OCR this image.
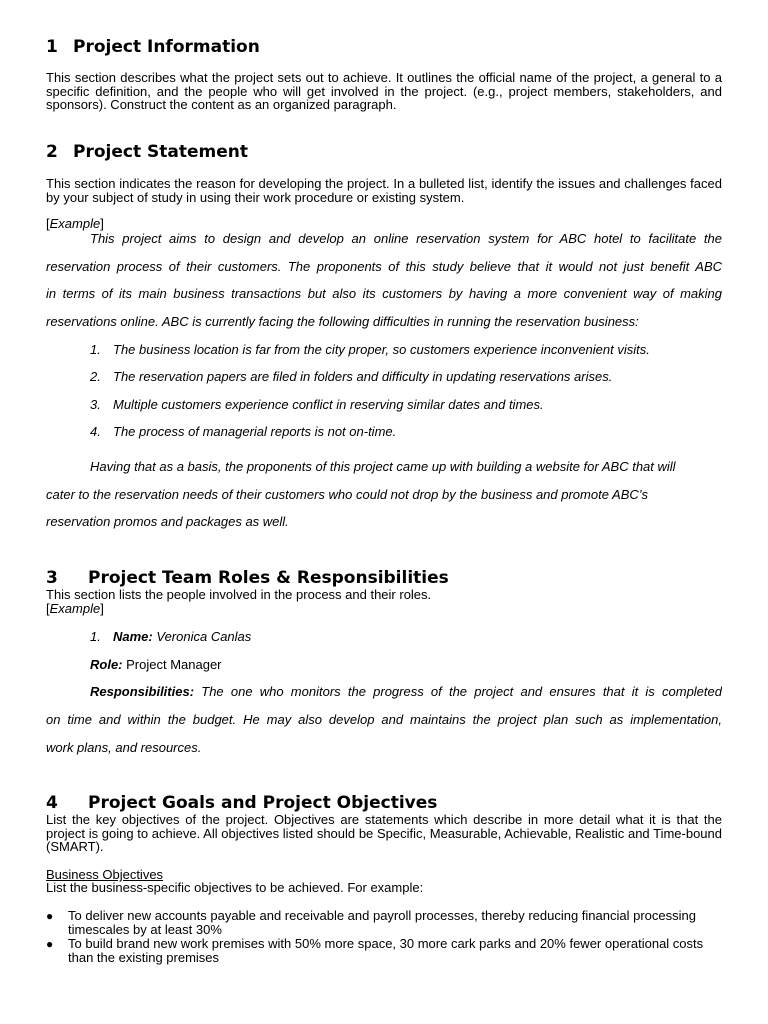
1 Project Information

This section describes what the project sets out to achieve. It outlines the official name of the project, a general to a specific definition, and the people who will get involved in the project. (e.g., project members, stakeholders, and sponsors). Construct the content as an organized paragraph.

2 Project Statement

This section indicates the reason for developing the project. In a bulleted list, identify the issues and challenges faced by your subject of study in using their work procedure or existing system.

[Example]
This project aims to design and develop an online reservation system for ABC hotel to facilitate the
reservation process of their customers. The proponents of this study believe that it would not just benefit ABC
in terms of its main business transactions but also its customers by having a more convenient way of making
reservations online. ABC is currently facing the following difficulties in running the reservation business:
1. The business location is far from the city proper, so customers experience inconvenient visits.
2. The reservation papers are filed in folders and difficulty in updating reservations arises.
3. Multiple customers experience conflict in reserving similar dates and times.
4. The process of managerial reports is not on-time.
Having that as a basis, the proponents of this project came up with building a website for ABC that will
cater to the reservation needs of their customers who could not drop by the business and promote ABC’s
reservation promos and packages as well.
3 Project Team Roles & Responsibilities

This section lists the people involved in the process and their roles.

[Example]
1. Name: Veronica Canlas
Role: Project Manager
Responsibilities: The one who monitors the progress of the project and ensures that it is completed
on time and within the budget. He may also develop and maintains the project plan such as implementation,
work plans, and resources.
4 Project Goals and Project Objectives

List the key objectives of the project. Objectives are statements which describe in more detail what it is that the project is going to achieve. All objectives listed should be Specific, Measurable, Achievable, Realistic and Time-bound (SMART).

Business Objectives
List the business-specific objectives to be achieved. For example:
● To deliver new accounts payable and receivable and payroll processes, thereby reducing financial processing timescales by at least 30%
● To build brand new work premises with 50% more space, 30 more cark parks and 20% fewer operational costs than the existing premises
